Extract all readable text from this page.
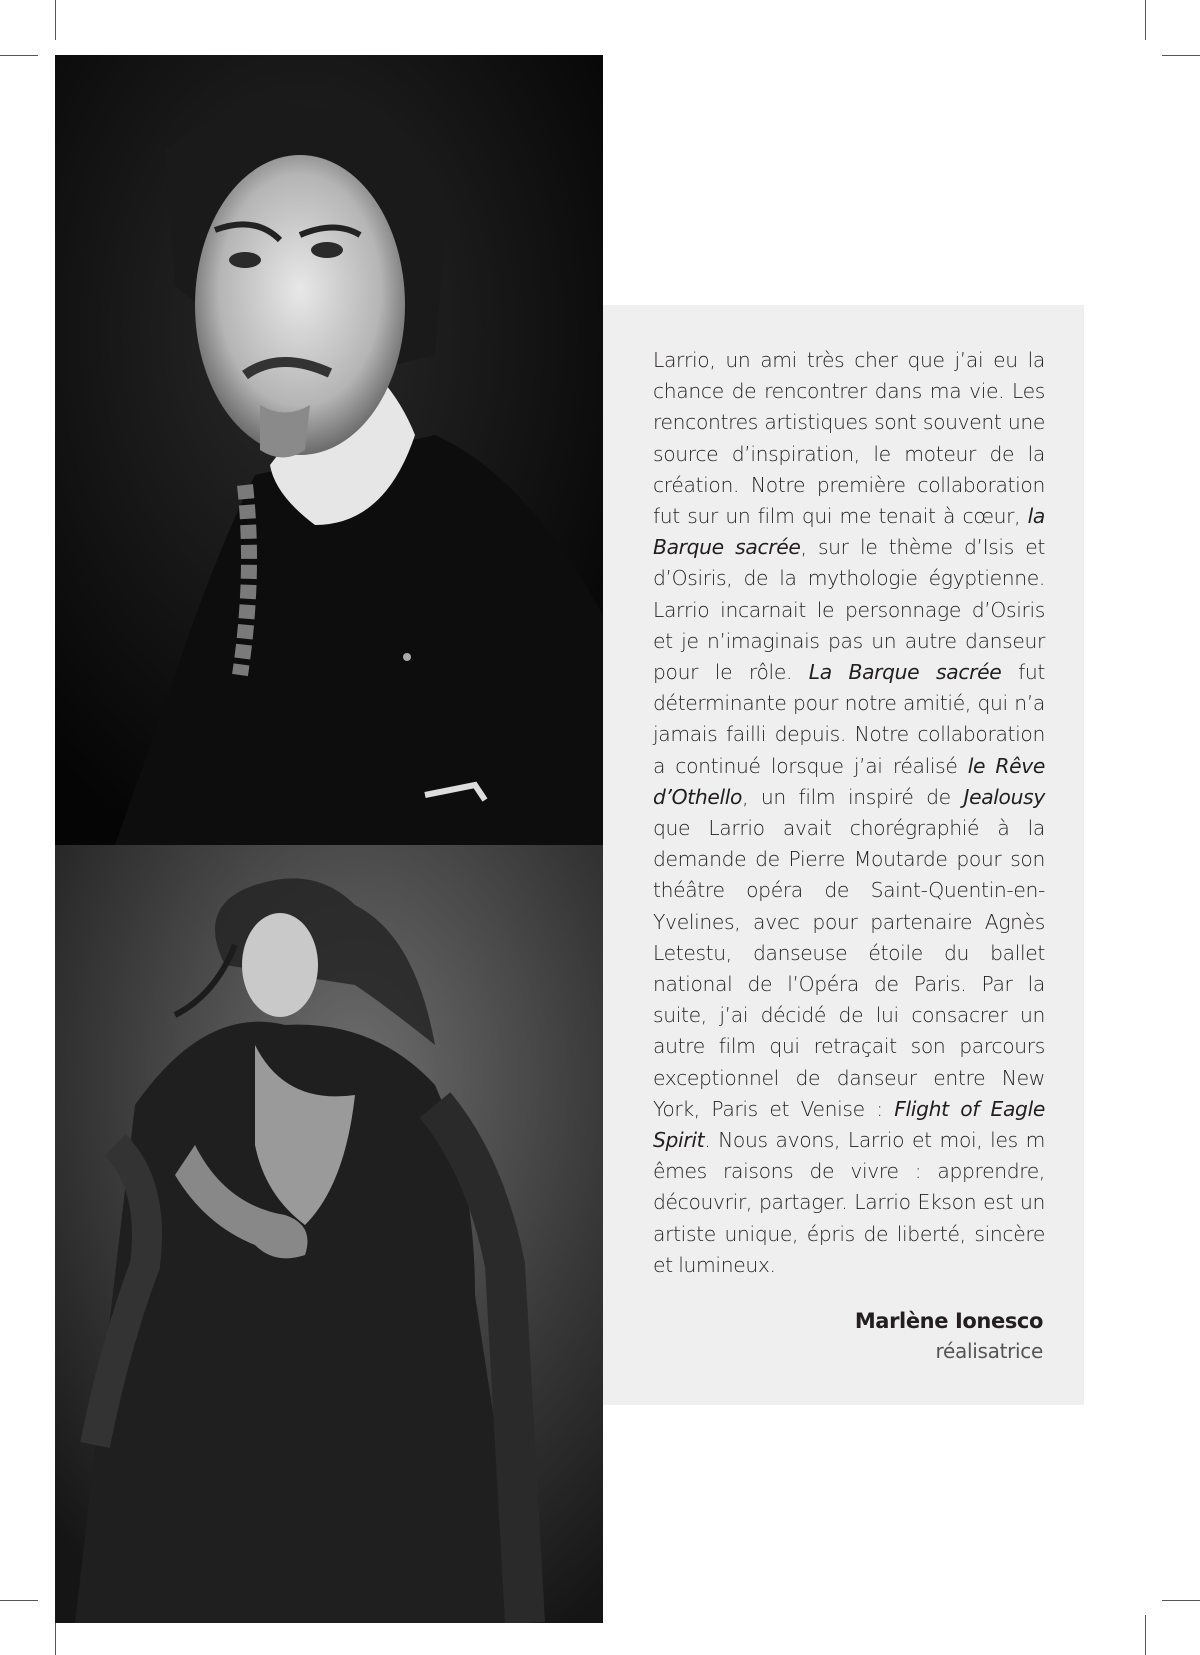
Larrio, un ami très cher que j’ai eu la chance de rencontrer dans ma vie. Les rencontres artistiques sont souvent une source d’inspiration, le moteur de la création. Notre première collaboration fut sur un film qui me tenait à cœur, la Barque sacrée, sur le thème d’Isis et d’Osiris, de la mythologie égyptienne. Larrio incarnait le personnage d’Osiris et je n’imaginais pas un autre danseur pour le rôle. La Barque sacrée fut déterminante pour notre amitié, qui n’a jamais failli depuis. Notre collaboration a continué lorsque j’ai réalisé le Rêve d’Othello, un film inspiré de Jealousy que Larrio avait chorégraphié à la demande de Pierre Moutarde pour son théâtre opéra de Saint-Quentin-en-Yvelines, avec pour partenaire Agnès Letestu, danseuse étoile du ballet national de l’Opéra de Paris. Par la suite, j’ai décidé de lui consacrer un autre film qui retraçait son parcours exceptionnel de danseur entre New York, Paris et Venise : Flight of Eagle Spirit. Nous avons, Larrio et moi, les m êmes raisons de vivre : apprendre, découvrir, partager. Larrio Ekson est un artiste unique, épris de liberté, sincère et lumineux.

Marlène Ionesco
réalisatrice
